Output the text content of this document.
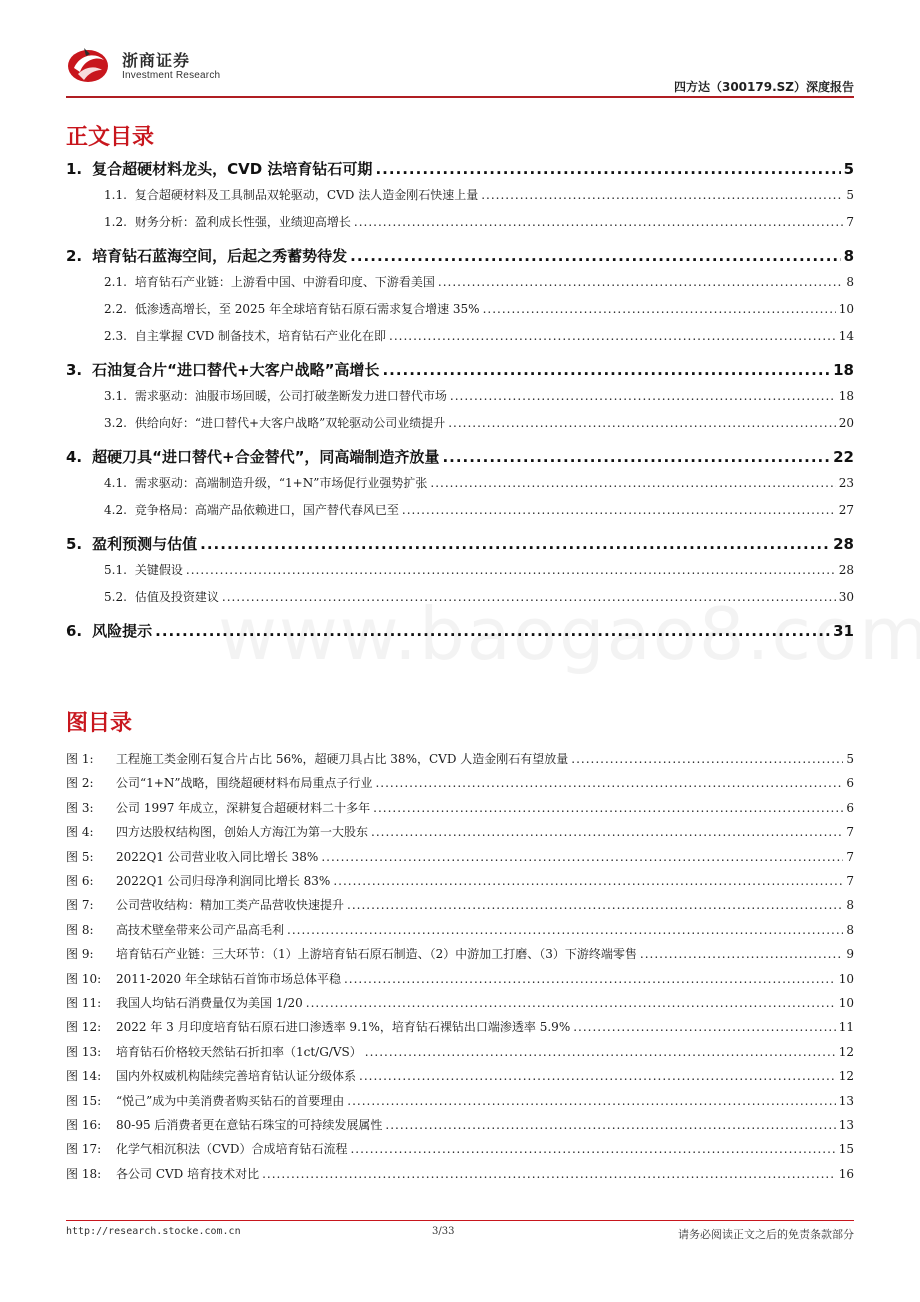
浙商证券
Investment Research
四方达（300179.SZ）深度报告
正文目录
1. 复合超硬材料龙头，CVD 法培育钻石可期 .....	5
1.1. 复合超硬材料及工具制品双轮驱动，CVD 法人造金刚石快速上量 .....	5
1.2. 财务分析：盈利成长性强，业绩迎高增长 .....	7
2. 培育钻石蓝海空间，后起之秀蓄势待发 .....	8
2.1. 培育钻石产业链：上游看中国、中游看印度、下游看美国 .....	8
2.2. 低渗透高增长，至 2025 年全球培育钻石原石需求复合增速 35% .....	10
2.3. 自主掌握 CVD 制备技术，培育钻石产业化在即 .....	14
3. 石油复合片“进口替代+大客户战略”高增长 .....	18
3.1. 需求驱动：油服市场回暖，公司打破垄断发力进口替代市场 .....	18
3.2. 供给向好：“进口替代+大客户战略”双轮驱动公司业绩提升 .....	20
4. 超硬刀具“进口替代+合金替代”，同高端制造齐放量 .....	22
4.1. 需求驱动：高端制造升级，“1+N”市场促行业强势扩张 .....	23
4.2. 竞争格局：高端产品依赖进口，国产替代春风已至 .....	27
5. 盈利预测与估值 .....	28
5.1. 关键假设 .....	28
5.2. 估值及投资建议 .....	30
6. 风险提示 .....	31
图目录
图 1:	工程施工类金刚石复合片占比 56%，超硬刀具占比 38%，CVD 人造金刚石有望放量 .....	5
图 2:	公司“1+N”战略，围绕超硬材料布局重点子行业 .....	6
图 3:	公司 1997 年成立，深耕复合超硬材料二十多年 .....	6
图 4:	四方达股权结构图，创始人方海江为第一大股东 .....	7
图 5:	2022Q1 公司营业收入同比增长 38% .....	7
图 6:	2022Q1 公司归母净利润同比增长 83% .....	7
图 7:	公司营收结构：精加工类产品营收快速提升 .....	8
图 8:	高技术壁垒带来公司产品高毛利 .....	8
图 9:	培育钻石产业链：三大环节：（1）上游培育钻石原石制造、（2）中游加工打磨、（3）下游终端零售 .....	9
图 10:	2011-2020 年全球钻石首饰市场总体平稳 .....	10
图 11:	我国人均钻石消费量仅为美国 1/20 .....	10
图 12:	2022 年 3 月印度培育钻石原石进口渗透率 9.1%，培育钻石裸钻出口端渗透率 5.9% .....	11
图 13:	培育钻石价格较天然钻石折扣率（1ct/G/VS） .....	12
图 14:	国内外权威机构陆续完善培育钻认证分级体系 .....	12
图 15:	“悦己”成为中美消费者购买钻石的首要理由 .....	13
图 16:	80-95 后消费者更在意钻石珠宝的可持续发展属性 .....	13
图 17:	化学气相沉积法（CVD）合成培育钻石流程 .....	15
图 18:	各公司 CVD 培育技术对比 .....	16
http://research.stocke.com.cn	3/33	请务必阅读正文之后的免责条款部分
